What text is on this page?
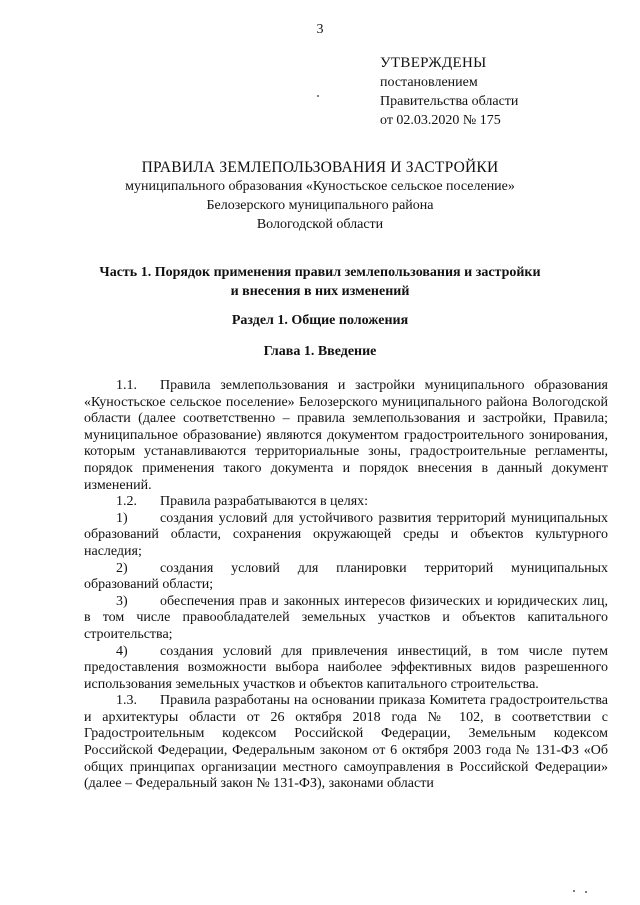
3
УТВЕРЖДЕНЫ
постановлением
Правительства области
от 02.03.2020 № 175
ПРАВИЛА ЗЕМЛЕПОЛЬЗОВАНИЯ И ЗАСТРОЙКИ
муниципального образования «Куностьское сельское поселение»
Белозерского муниципального района
Вологодской области
Часть 1. Порядок применения правил землепользования и застройки
и внесения в них изменений
Раздел 1. Общие положения
Глава 1. Введение

1.1. Правила землепользования и застройки муниципального образования «Куностьское сельское поселение» Белозерского муниципального района Вологодской области (далее соответственно – правила землепользования и застройки, Правила; муниципальное образование) являются документом градостроительного зонирования, которым устанавливаются территориальные зоны, градостроительные регламенты, порядок применения такого документа и порядок внесения в данный документ изменений.

1.2. Правила разрабатываются в целях:

1) создания условий для устойчивого развития территорий муниципальных образований области, сохранения окружающей среды и объектов культурного наследия;

2) создания условий для планировки территорий муниципальных образований области;

3) обеспечения прав и законных интересов физических и юридических лиц, в том числе правообладателей земельных участков и объектов капитального строительства;

4) создания условий для привлечения инвестиций, в том числе путем предоставления возможности выбора наиболее эффективных видов разрешенного использования земельных участков и объектов капитального строительства.

1.3. Правила разработаны на основании приказа Комитета градостроительства и архитектуры области от 26 октября 2018 года № 102, в соответствии с Градостроительным кодексом Российской Федерации, Земельным кодексом Российской Федерации, Федеральным законом от 6 октября 2003 года № 131-ФЗ «Об общих принципах организации местного самоуправления в Российской Федерации» (далее – Федеральный закон № 131-ФЗ), законами области
